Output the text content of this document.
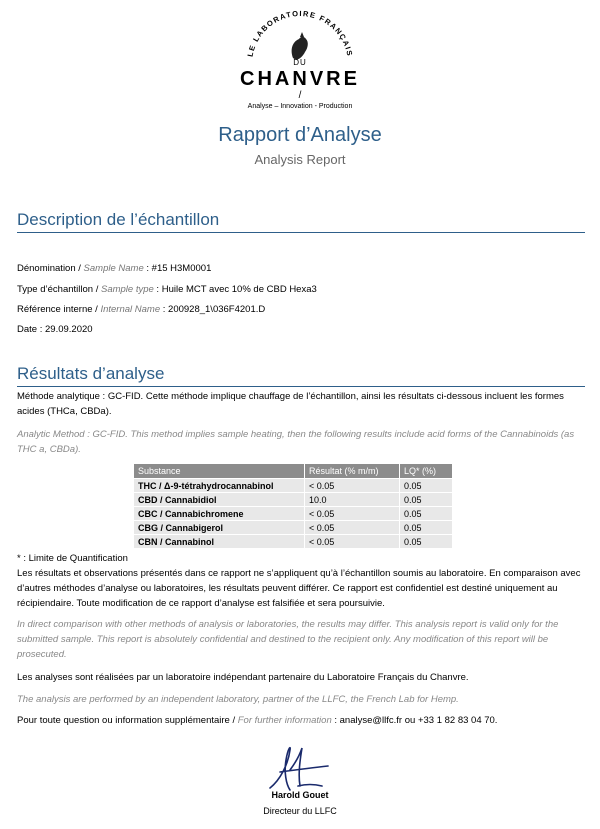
LE LABORATOIRE FRANÇAIS
DU
CHANVRE
/
Analyse – Innovation - Production
Rapport d’Analyse
Analysis Report
Description de l’échantillon
Dénomination / Sample Name : #15 H3M0001
Type d’échantillon / Sample type : Huile MCT avec 10% de CBD Hexa3
Référence interne / Internal Name : 200928_1\036F4201.D
Date : 29.09.2020
Résultats d’analyse
Méthode analytique : GC-FID. Cette méthode implique chauffage de l’échantillon, ainsi les résultats ci-dessous incluent les formes acides (THCa, CBDa).
Analytic Method : GC-FID. This method implies sample heating, then the following results include acid forms of the Cannabinoids (as THC a, CBDa).
Substance	Résultat (% m/m)	LQ* (%)
THC / Δ-9-tétrahydrocannabinol	< 0.05	0.05
CBD / Cannabidiol	10.0	0.05
CBC / Cannabichromene	< 0.05	0.05
CBG / Cannabigerol	< 0.05	0.05
CBN / Cannabinol	< 0.05	0.05
* : Limite de Quantification
Les résultats et observations présentés dans ce rapport ne s’appliquent qu’à l’échantillon soumis au laboratoire. En comparaison avec d’autres méthodes d’analyse ou laboratoires, les résultats peuvent différer. Ce rapport est confidentiel est destiné uniquement au récipiendaire. Toute modification de ce rapport d’analyse est falsifiée et sera poursuivie.
In direct comparison with other methods of analysis or laboratories, the results may differ. This analysis report is valid only for the submitted sample. This report is absolutely confidential and destined to the recipient only. Any modification of this report will be prosecuted.
Les analyses sont réalisées par un laboratoire indépendant partenaire du Laboratoire Français du Chanvre.
The analysis are performed by an independent laboratory, partner of the LLFC, the French Lab for Hemp.
Pour toute question ou information supplémentaire / For further information : analyse@llfc.fr ou +33 1 82 83 04 70.
Harold Gouet
Directeur du LLFC
